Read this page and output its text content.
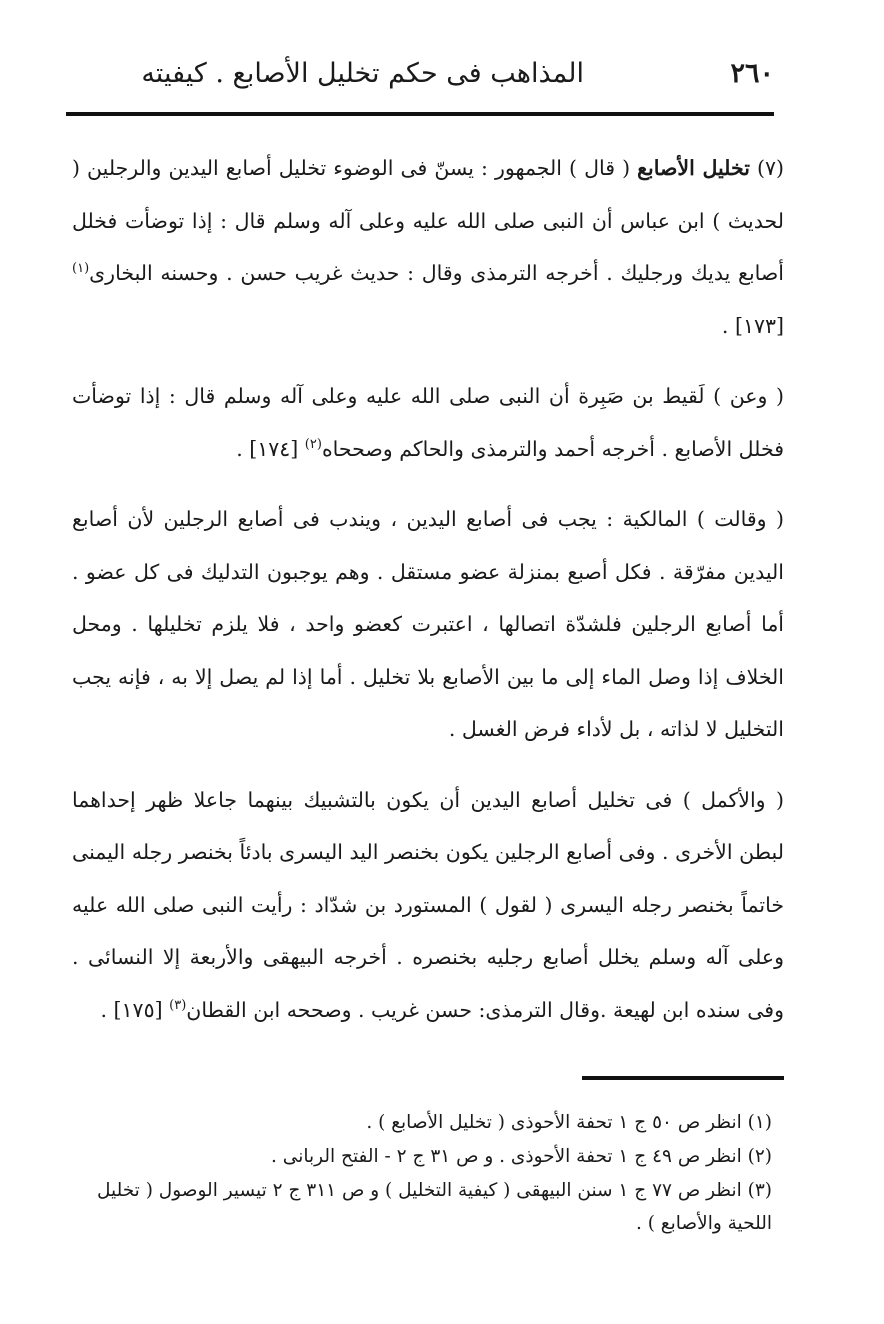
٢٦٠
المذاهب فى حكم تخليل الأصابع . كيفيته

(٧) تخليل الأصابع ( قال ) الجمهور : يسنّ فى الوضوء تخليل أصابع اليدين والرجلين ( لحديث ) ابن عباس أن النبى صلى الله عليه وعلى آله وسلم قال : إذا توضأت فخلل أصابع يديك ورجليك . أخرجه الترمذى وقال : حديث غريب حسن . وحسنه البخارى$^{(١)}$ [١٧٣] .

( وعن ) لَقيط بن صَبِرة أن النبى صلى الله عليه وعلى آله وسلم قال : إذا توضأت فخلل الأصابع . أخرجه أحمد والترمذى والحاكم وصححاه$^{(٢)}$ [١٧٤] .

( وقالت ) المالكية : يجب فى أصابع اليدين ، ويندب فى أصابع الرجلين لأن أصابع اليدين مفرّقة . فكل أصبع بمنزلة عضو مستقل . وهم يوجبون التدليك فى كل عضو . أما أصابع الرجلين فلشدّة اتصالها ، اعتبرت كعضو واحد ، فلا يلزم تخليلها . ومحل الخلاف إذا وصل الماء إلى ما بين الأصابع بلا تخليل . أما إذا لم يصل إلا به ، فإنه يجب التخليل لا لذاته ، بل لأداء فرض الغسل .

( والأكمل ) فى تخليل أصابع اليدين أن يكون بالتشبيك بينهما جاعلا ظهر إحداهما لبطن الأخرى . وفى أصابع الرجلين يكون بخنصر اليد اليسرى بادئاً بخنصر رجله اليمنى خاتماً بخنصر رجله اليسرى ( لقول ) المستورد بن شدّاد : رأيت النبى صلى الله عليه وعلى آله وسلم يخلل أصابع رجليه بخنصره . أخرجه البيهقى والأربعة إلا النسائى . وفى سنده ابن لهيعة .وقال الترمذى: حسن غريب . وصححه ابن القطان$^{(٣)}$ [١٧٥] .

(١) انظر ص ٥٠ ج ١ تحفة الأحوذى ( تخليل الأصابع ) .

(٢) انظر ص ٤٩ ج ١ تحفة الأحوذى . و ص ٣١ ج ٢ - الفتح الربانى .

(٣) انظر ص ٧٧ ج ١ سنن البيهقى ( كيفية التخليل ) و ص ٣١١ ج ٢ تيسير الوصول ( تخليل اللحية والأصابع ) .
